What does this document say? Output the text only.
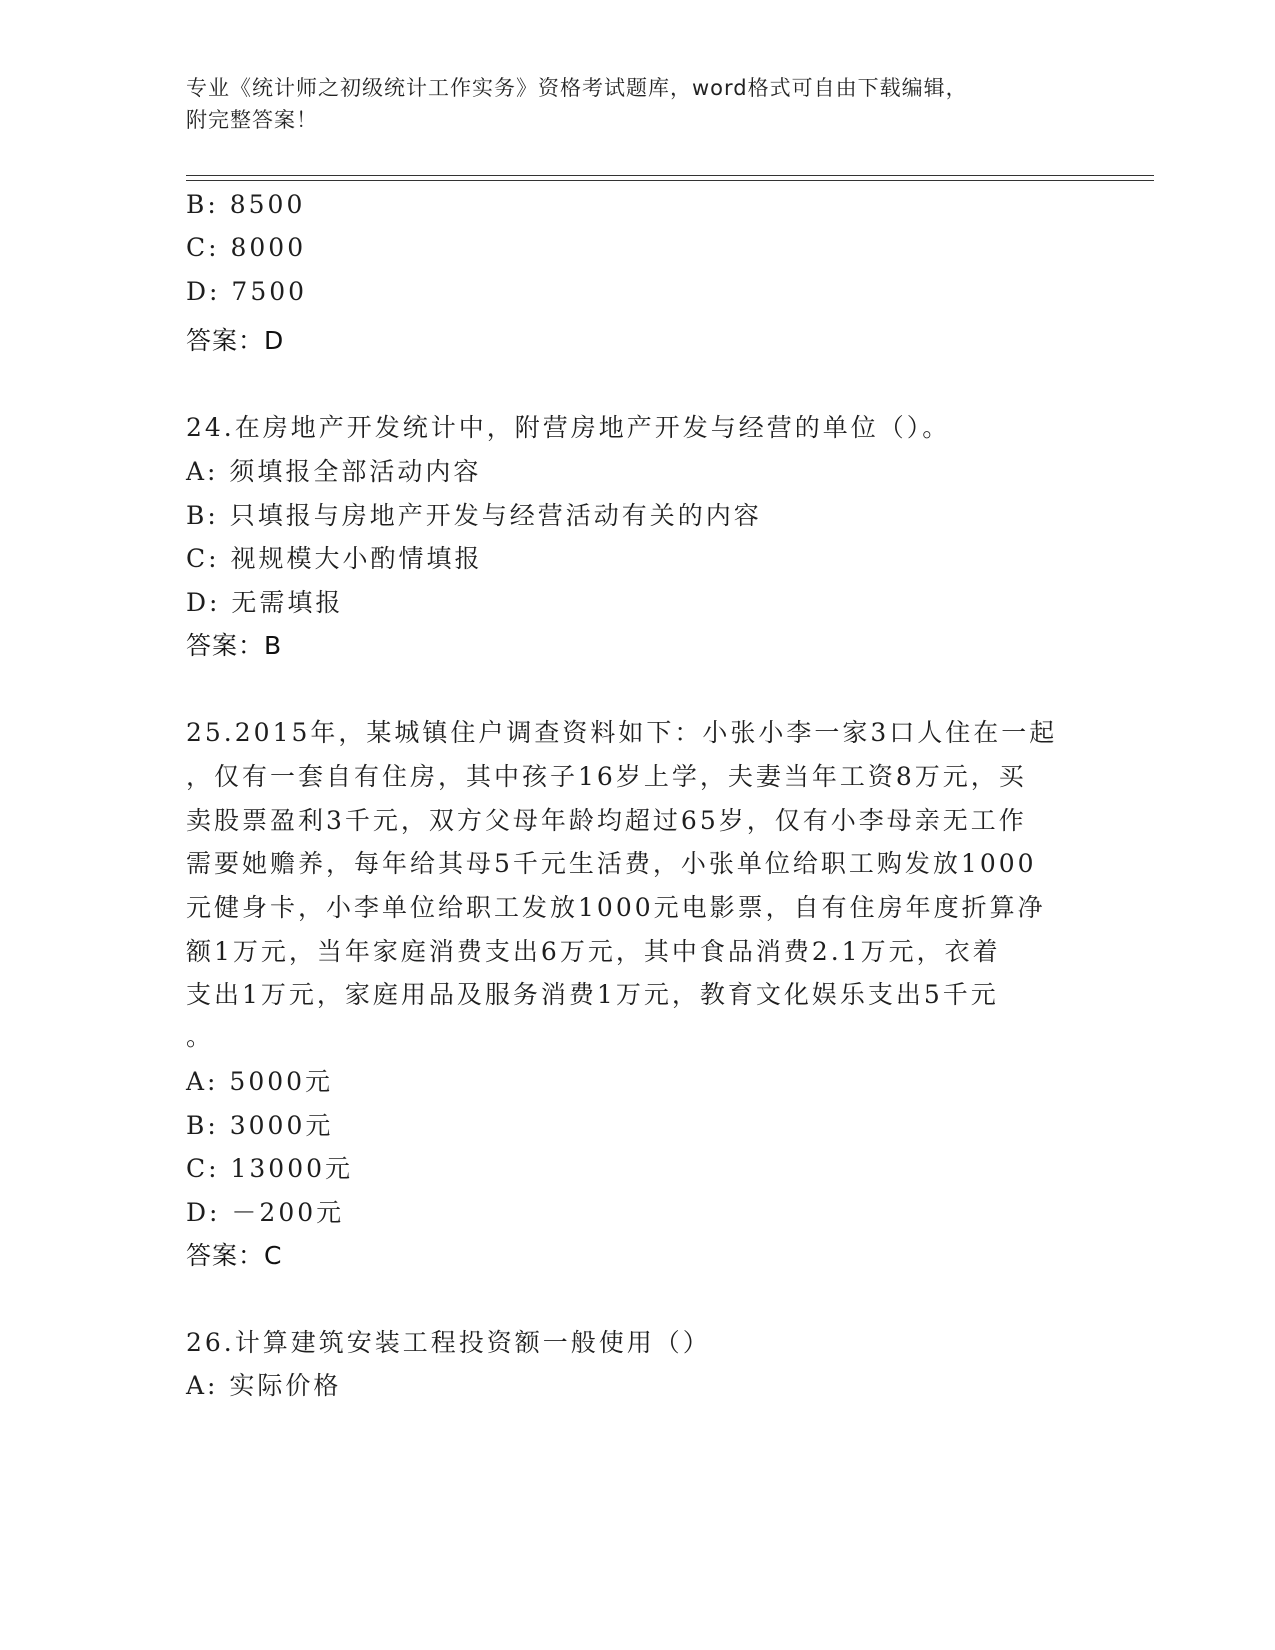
专业《统计师之初级统计工作实务》资格考试题库，word格式可自由下载编辑，
附完整答案！
B: 8500
C: 8000
D: 7500
答案：D
24.在房地产开发统计中，附营房地产开发与经营的单位（）。
A: 须填报全部活动内容
B: 只填报与房地产开发与经营活动有关的内容
C: 视规模大小酌情填报
D: 无需填报
答案：B
25.2015年，某城镇住户调查资料如下：小张小李一家3口人住在一起
，仅有一套自有住房，其中孩子16岁上学，夫妻当年工资8万元，买
卖股票盈利3千元，双方父母年龄均超过65岁，仅有小李母亲无工作
需要她赡养，每年给其母5千元生活费，小张单位给职工购发放1000
元健身卡，小李单位给职工发放1000元电影票，自有住房年度折算净
额1万元，当年家庭消费支出6万元，其中食品消费2.1万元，衣着
支出1万元，家庭用品及服务消费1万元，教育文化娱乐支出5千元
。
A: 5000元
B: 3000元
C: 13000元
D: －200元
答案：C
26.计算建筑安装工程投资额一般使用（）
A: 实际价格
